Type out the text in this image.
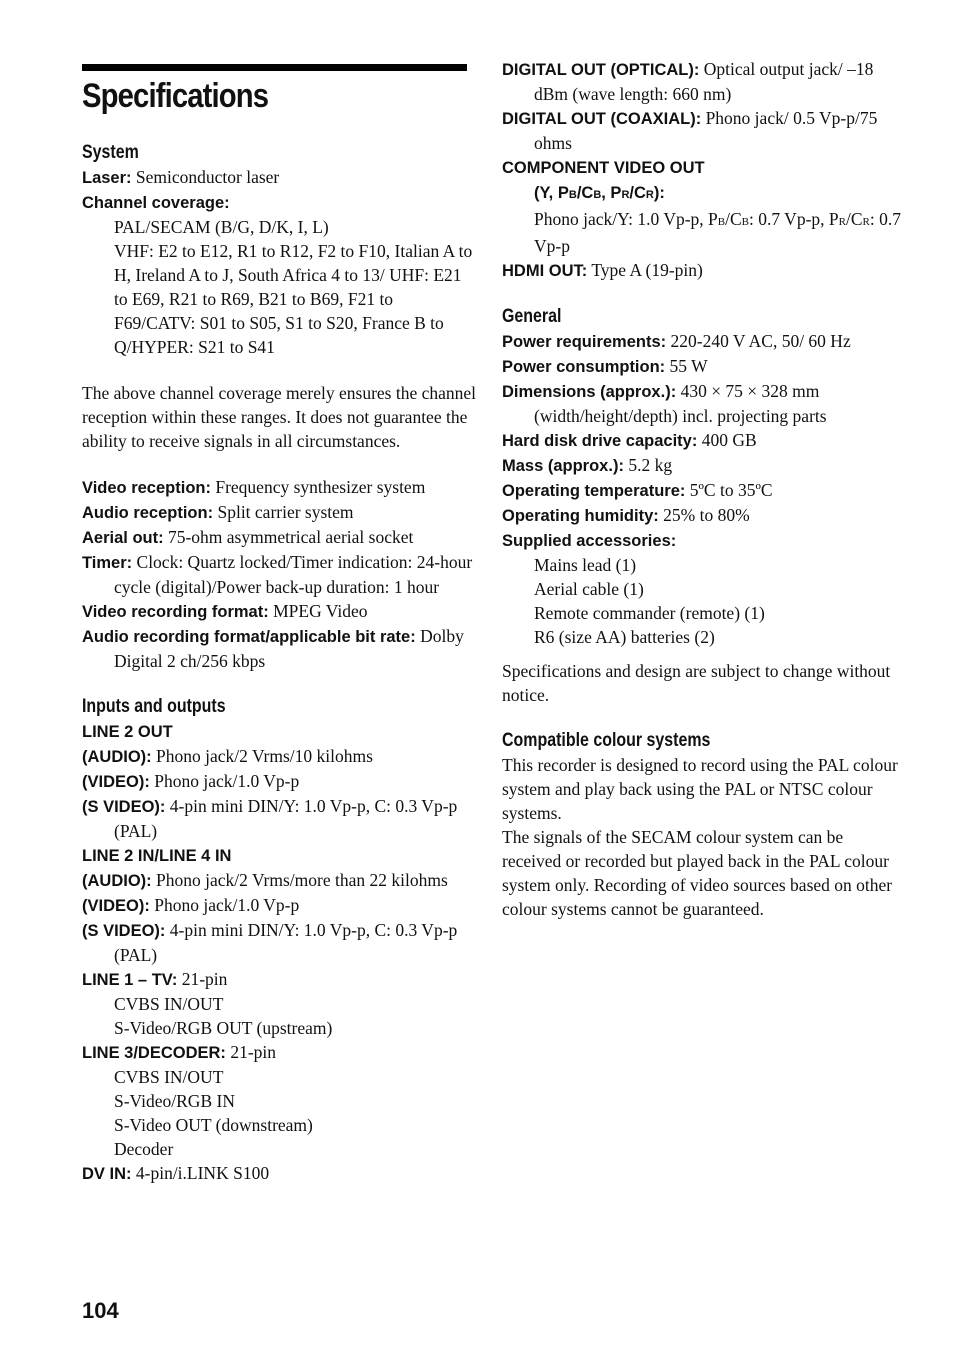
Specifications
System
Laser: Semiconductor laser
Channel coverage:
PAL/SECAM (B/G, D/K, I, L)
VHF: E2 to E12, R1 to R12, F2 to F10, Italian A to H, Ireland A to J, South Africa 4 to 13/ UHF: E21 to E69, R21 to R69, B21 to B69, F21 to F69/CATV: S01 to S05, S1 to S20, France B to Q/HYPER: S21 to S41
The above channel coverage merely ensures the channel reception within these ranges. It does not guarantee the ability to receive signals in all circumstances.
Video reception: Frequency synthesizer system
Audio reception: Split carrier system
Aerial out: 75-ohm asymmetrical aerial socket
Timer: Clock: Quartz locked/Timer indication: 24-hour cycle (digital)/Power back-up duration: 1 hour
Video recording format: MPEG Video
Audio recording format/applicable bit rate: Dolby Digital 2 ch/256 kbps
Inputs and outputs
LINE 2 OUT
(AUDIO): Phono jack/2 Vrms/10 kilohms
(VIDEO): Phono jack/1.0 Vp-p
(S VIDEO): 4-pin mini DIN/Y: 1.0 Vp-p, C: 0.3 Vp-p (PAL)
LINE 2 IN/LINE 4 IN
(AUDIO): Phono jack/2 Vrms/more than 22 kilohms
(VIDEO): Phono jack/1.0 Vp-p
(S VIDEO): 4-pin mini DIN/Y: 1.0 Vp-p, C: 0.3 Vp-p (PAL)
LINE 1 – TV: 21-pin
CVBS IN/OUT
S-Video/RGB OUT (upstream)
LINE 3/DECODER: 21-pin
CVBS IN/OUT
S-Video/RGB IN
S-Video OUT (downstream)
Decoder
DV IN: 4-pin/i.LINK S100
DIGITAL OUT (OPTICAL): Optical output jack/ –18 dBm (wave length: 660 nm)
DIGITAL OUT (COAXIAL): Phono jack/ 0.5 Vp-p/75 ohms
COMPONENT VIDEO OUT
(Y, PB/CB, PR/CR):
Phono jack/Y: 1.0 Vp-p, PB/CB: 0.7 Vp-p, PR/CR: 0.7 Vp-p
HDMI OUT: Type A (19-pin)
General
Power requirements: 220-240 V AC, 50/ 60 Hz
Power consumption: 55 W
Dimensions (approx.): 430 × 75 × 328 mm (width/height/depth) incl. projecting parts
Hard disk drive capacity: 400 GB
Mass (approx.): 5.2 kg
Operating temperature: 5ºC to 35ºC
Operating humidity: 25% to 80%
Supplied accessories:
Mains lead (1)
Aerial cable (1)
Remote commander (remote) (1)
R6 (size AA) batteries (2)
Specifications and design are subject to change without notice.
Compatible colour systems
This recorder is designed to record using the PAL colour system and play back using the PAL or NTSC colour systems.
The signals of the SECAM colour system can be received or recorded but played back in the PAL colour system only. Recording of video sources based on other colour systems cannot be guaranteed.
104
